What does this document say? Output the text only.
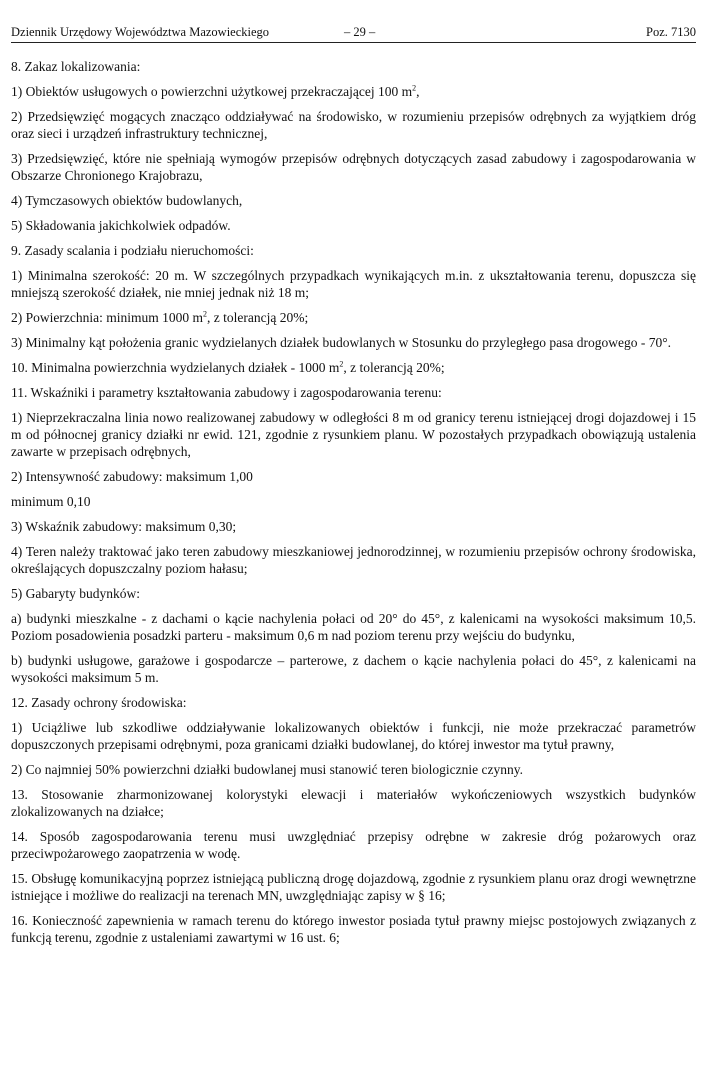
Dziennik Urzędowy Województwa Mazowieckiego	– 29 –	Poz. 7130

8. Zakaz lokalizowania:

1) Obiektów usługowych o powierzchni użytkowej przekraczającej 100 $m^2$,

2) Przedsięwzięć mogących znacząco oddziaływać na środowisko, w rozumieniu przepisów odrębnych za wyjątkiem dróg oraz sieci i urządzeń infrastruktury technicznej,

3) Przedsięwzięć, które nie spełniają wymogów przepisów odrębnych dotyczących zasad zabudowy i zagospodarowania w Obszarze Chronionego Krajobrazu,

4) Tymczasowych obiektów budowlanych,

5) Składowania jakichkolwiek odpadów.

9. Zasady scalania i podziału nieruchomości:

1) Minimalna szerokość: 20 m. W szczególnych przypadkach wynikających m.in. z ukształtowania terenu, dopuszcza się mniejszą szerokość działek, nie mniej jednak niż 18 m;

2) Powierzchnia: minimum 1000 $m^2$, z tolerancją 20%;

3) Minimalny kąt położenia granic wydzielanych działek budowlanych w Stosunku do przyległego pasa drogowego - 70°.

10. Minimalna powierzchnia wydzielanych działek - 1000 $m^2$, z tolerancją 20%;

11. Wskaźniki i parametry kształtowania zabudowy i zagospodarowania terenu:

1) Nieprzekraczalna linia nowo realizowanej zabudowy w odległości 8 m od granicy terenu istniejącej drogi dojazdowej i 15 m od północnej granicy działki nr ewid. 121, zgodnie z rysunkiem planu. W pozostałych przypadkach obowiązują ustalenia zawarte w przepisach odrębnych,

2) Intensywność zabudowy: maksimum 1,00

minimum 0,10

3) Wskaźnik zabudowy: maksimum 0,30;

4) Teren należy traktować jako teren zabudowy mieszkaniowej jednorodzinnej, w rozumieniu przepisów ochrony środowiska, określających dopuszczalny poziom hałasu;

5) Gabaryty budynków:

a) budynki mieszkalne - z dachami o kącie nachylenia połaci od 20° do 45°, z kalenicami na wysokości maksimum 10,5. Poziom posadowienia posadzki parteru - maksimum 0,6 m nad poziom terenu przy wejściu do budynku,

b) budynki usługowe, garażowe i gospodarcze – parterowe, z dachem o kącie nachylenia połaci do 45°, z kalenicami na wysokości maksimum 5 m.

12. Zasady ochrony środowiska:

1) Uciążliwe lub szkodliwe oddziaływanie lokalizowanych obiektów i funkcji, nie może przekraczać parametrów dopuszczonych przepisami odrębnymi, poza granicami działki budowlanej, do której inwestor ma tytuł prawny,

2) Co najmniej 50% powierzchni działki budowlanej musi stanowić teren biologicznie czynny.

13. Stosowanie zharmonizowanej kolorystyki elewacji i materiałów wykończeniowych wszystkich budynków zlokalizowanych na działce;

14. Sposób zagospodarowania terenu musi uwzględniać przepisy odrębne w zakresie dróg pożarowych oraz przeciwpożarowego zaopatrzenia w wodę.

15. Obsługę komunikacyjną poprzez istniejącą publiczną drogę dojazdową, zgodnie z rysunkiem planu oraz drogi wewnętrzne istniejące i możliwe do realizacji na terenach MN, uwzględniając zapisy w § 16;

16. Konieczność zapewnienia w ramach terenu do którego inwestor posiada tytuł prawny miejsc postojowych związanych z funkcją terenu, zgodnie z ustaleniami zawartymi w 16 ust. 6;
